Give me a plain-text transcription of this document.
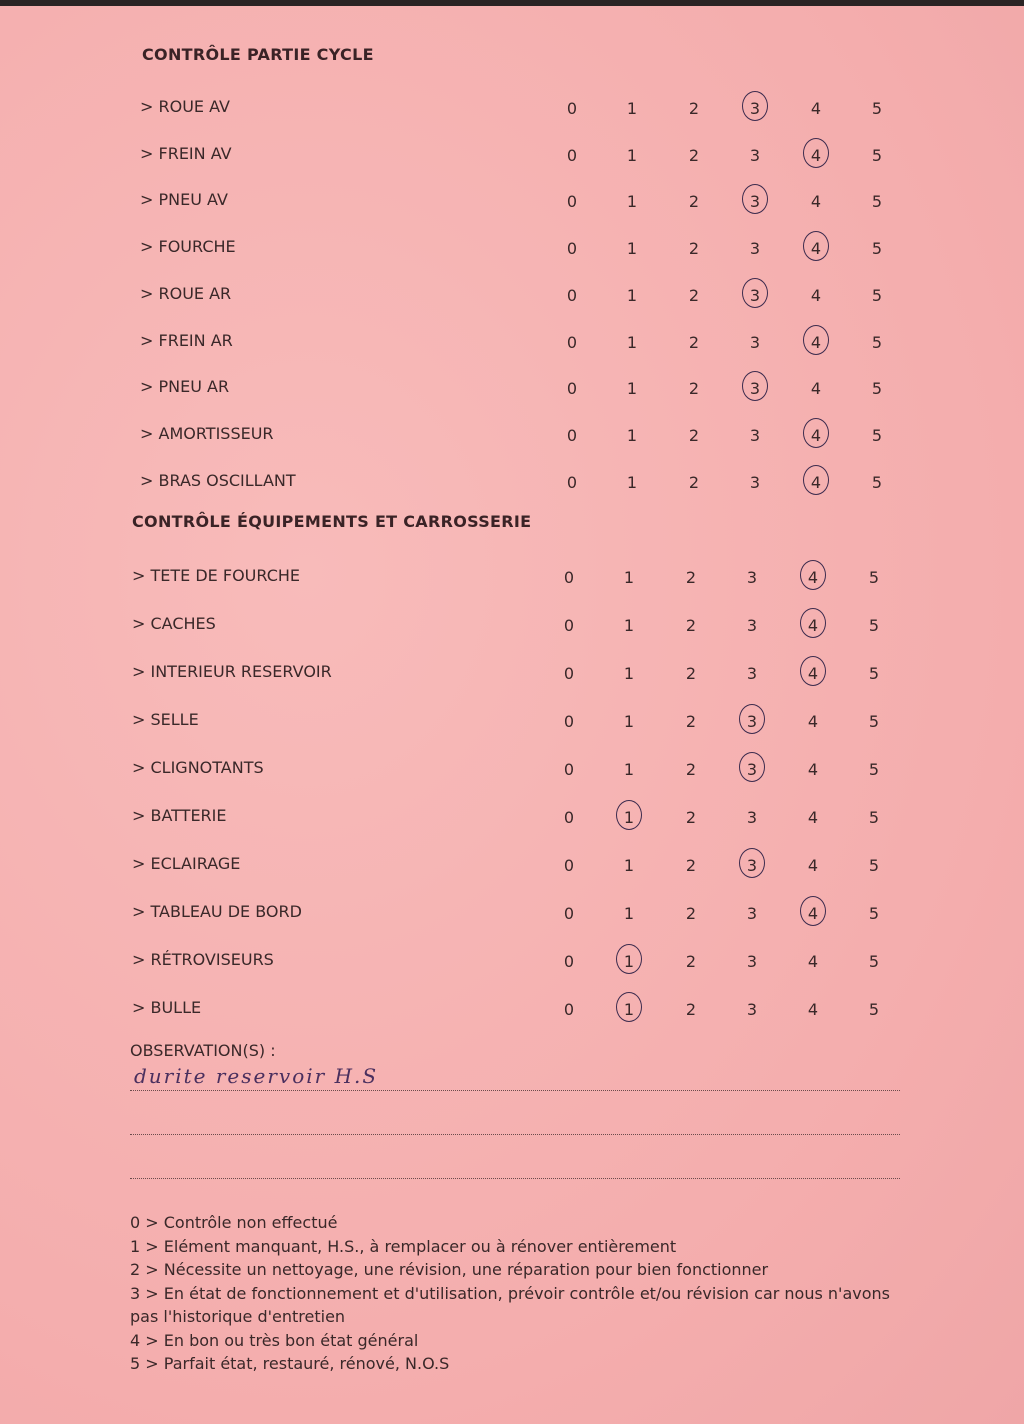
CONTRÔLE PARTIE CYCLE
> ROUE AV	0	1	2	3	4	5
> FREIN AV	0	1	2	3	4	5
> PNEU AV	0	1	2	3	4	5
> FOURCHE	0	1	2	3	4	5
> ROUE AR	0	1	2	3	4	5
> FREIN AR	0	1	2	3	4	5
> PNEU AR	0	1	2	3	4	5
> AMORTISSEUR	0	1	2	3	4	5
> BRAS OSCILLANT	0	1	2	3	4	5
CONTRÔLE ÉQUIPEMENTS ET CARROSSERIE
> TETE DE FOURCHE	0	1	2	3	4	5
> CACHES	0	1	2	3	4	5
> INTERIEUR RESERVOIR	0	1	2	3	4	5
> SELLE	0	1	2	3	4	5
> CLIGNOTANTS	0	1	2	3	4	5
> BATTERIE	0	1	2	3	4	5
> ECLAIRAGE	0	1	2	3	4	5
> TABLEAU DE BORD	0	1	2	3	4	5
> RÉTROVISEURS	0	1	2	3	4	5
> BULLE	0	1	2	3	4	5
OBSERVATION(S) :
durite reservoir H.S
0 > Contrôle non effectué
1 > Elément manquant, H.S., à remplacer ou à rénover entièrement
2 > Nécessite un nettoyage, une révision, une réparation pour bien fonctionner
3 > En état de fonctionnement et d'utilisation, prévoir contrôle et/ou révision car nous n'avons pas l'historique d'entretien
4 > En bon ou très bon état général
5 > Parfait état, restauré, rénové, N.O.S
